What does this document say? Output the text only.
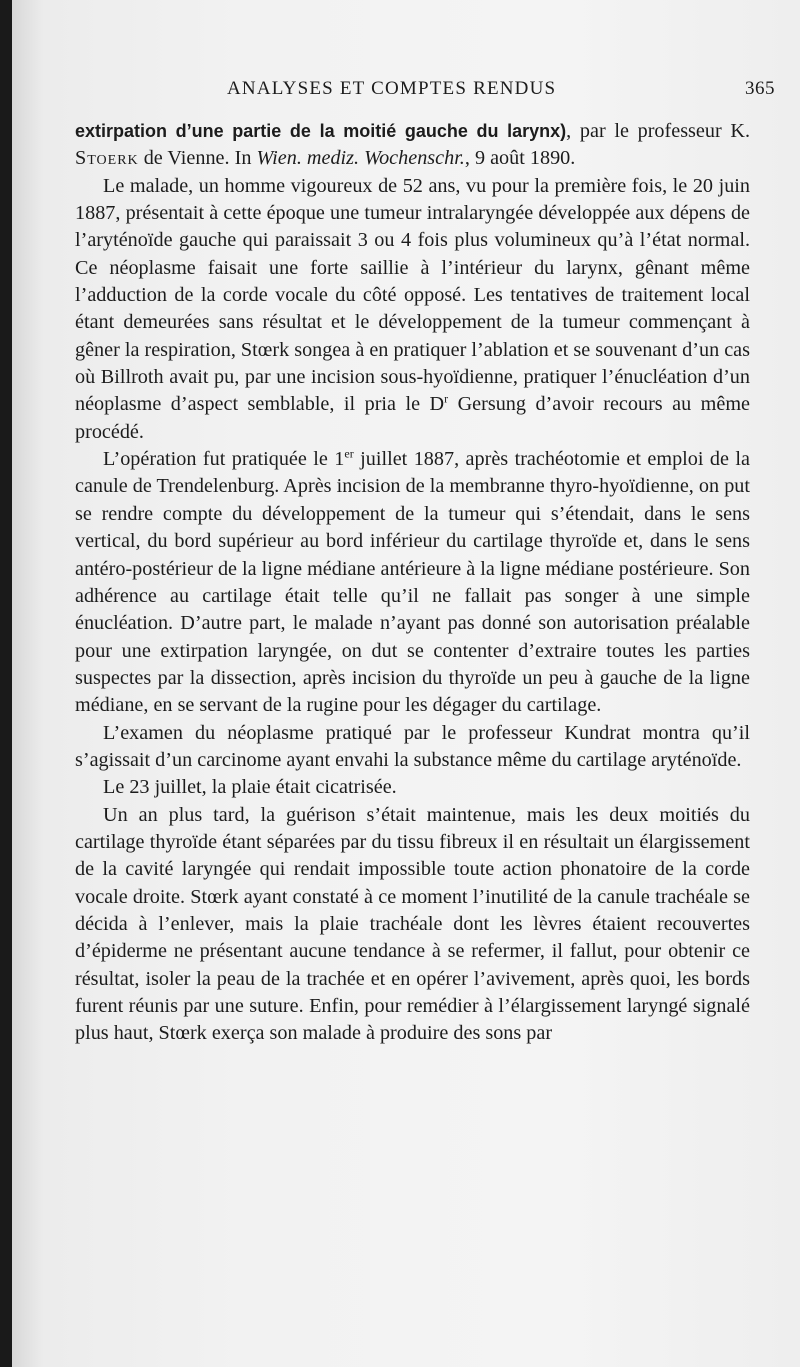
ANALYSES ET COMPTES RENDUS	365

extirpation d’une partie de la moitié gauche du larynx), par le professeur K. Stoerk de Vienne. In Wien. mediz. Wochenschr., 9 août 1890.

Le malade, un homme vigoureux de 52 ans, vu pour la première fois, le 20 juin 1887, présentait à cette époque une tumeur intralaryngée développée aux dépens de l’aryténoïde gauche qui paraissait 3 ou 4 fois plus volumineux qu’à l’état normal. Ce néoplasme faisait une forte saillie à l’intérieur du larynx, gênant même l’adduction de la corde vocale du côté opposé. Les tentatives de traitement local étant demeurées sans résultat et le développement de la tumeur commençant à gêner la respiration, Stœrk songea à en pratiquer l’ablation et se souvenant d’un cas où Billroth avait pu, par une incision sous-hyoïdienne, pratiquer l’énucléation d’un néoplasme d’aspect semblable, il pria le $D^r$ Gersung d’avoir recours au même procédé.

L’opération fut pratiquée le 1er juillet 1887, après trachéotomie et emploi de la canule de Trendelenburg. Après incision de la membranne thyro-hyoïdienne, on put se rendre compte du développement de la tumeur qui s’étendait, dans le sens vertical, du bord supérieur au bord inférieur du cartilage thyroïde et, dans le sens antéro-postérieur de la ligne médiane antérieure à la ligne médiane postérieure. Son adhérence au cartilage était telle qu’il ne fallait pas songer à une simple énucléation. D’autre part, le malade n’ayant pas donné son autorisation préalable pour une extirpation laryngée, on dut se contenter d’extraire toutes les parties suspectes par la dissection, après incision du thyroïde un peu à gauche de la ligne médiane, en se servant de la rugine pour les dégager du cartilage.

L’examen du néoplasme pratiqué par le professeur Kundrat montra qu’il s’agissait d’un carcinome ayant envahi la substance même du cartilage aryténoïde.

Le 23 juillet, la plaie était cicatrisée.

Un an plus tard, la guérison s’était maintenue, mais les deux moitiés du cartilage thyroïde étant séparées par du tissu fibreux il en résultait un élargissement de la cavité laryngée qui rendait impossible toute action phonatoire de la corde vocale droite. Stœrk ayant constaté à ce moment l’inutilité de la canule trachéale se décida à l’enlever, mais la plaie trachéale dont les lèvres étaient recouvertes d’épiderme ne présentant aucune tendance à se refermer, il fallut, pour obtenir ce résultat, isoler la peau de la trachée et en opérer l’avivement, après quoi, les bords furent réunis par une suture. Enfin, pour remédier à l’élargissement laryngé signalé plus haut, Stœrk exerça son malade à produire des sons par
